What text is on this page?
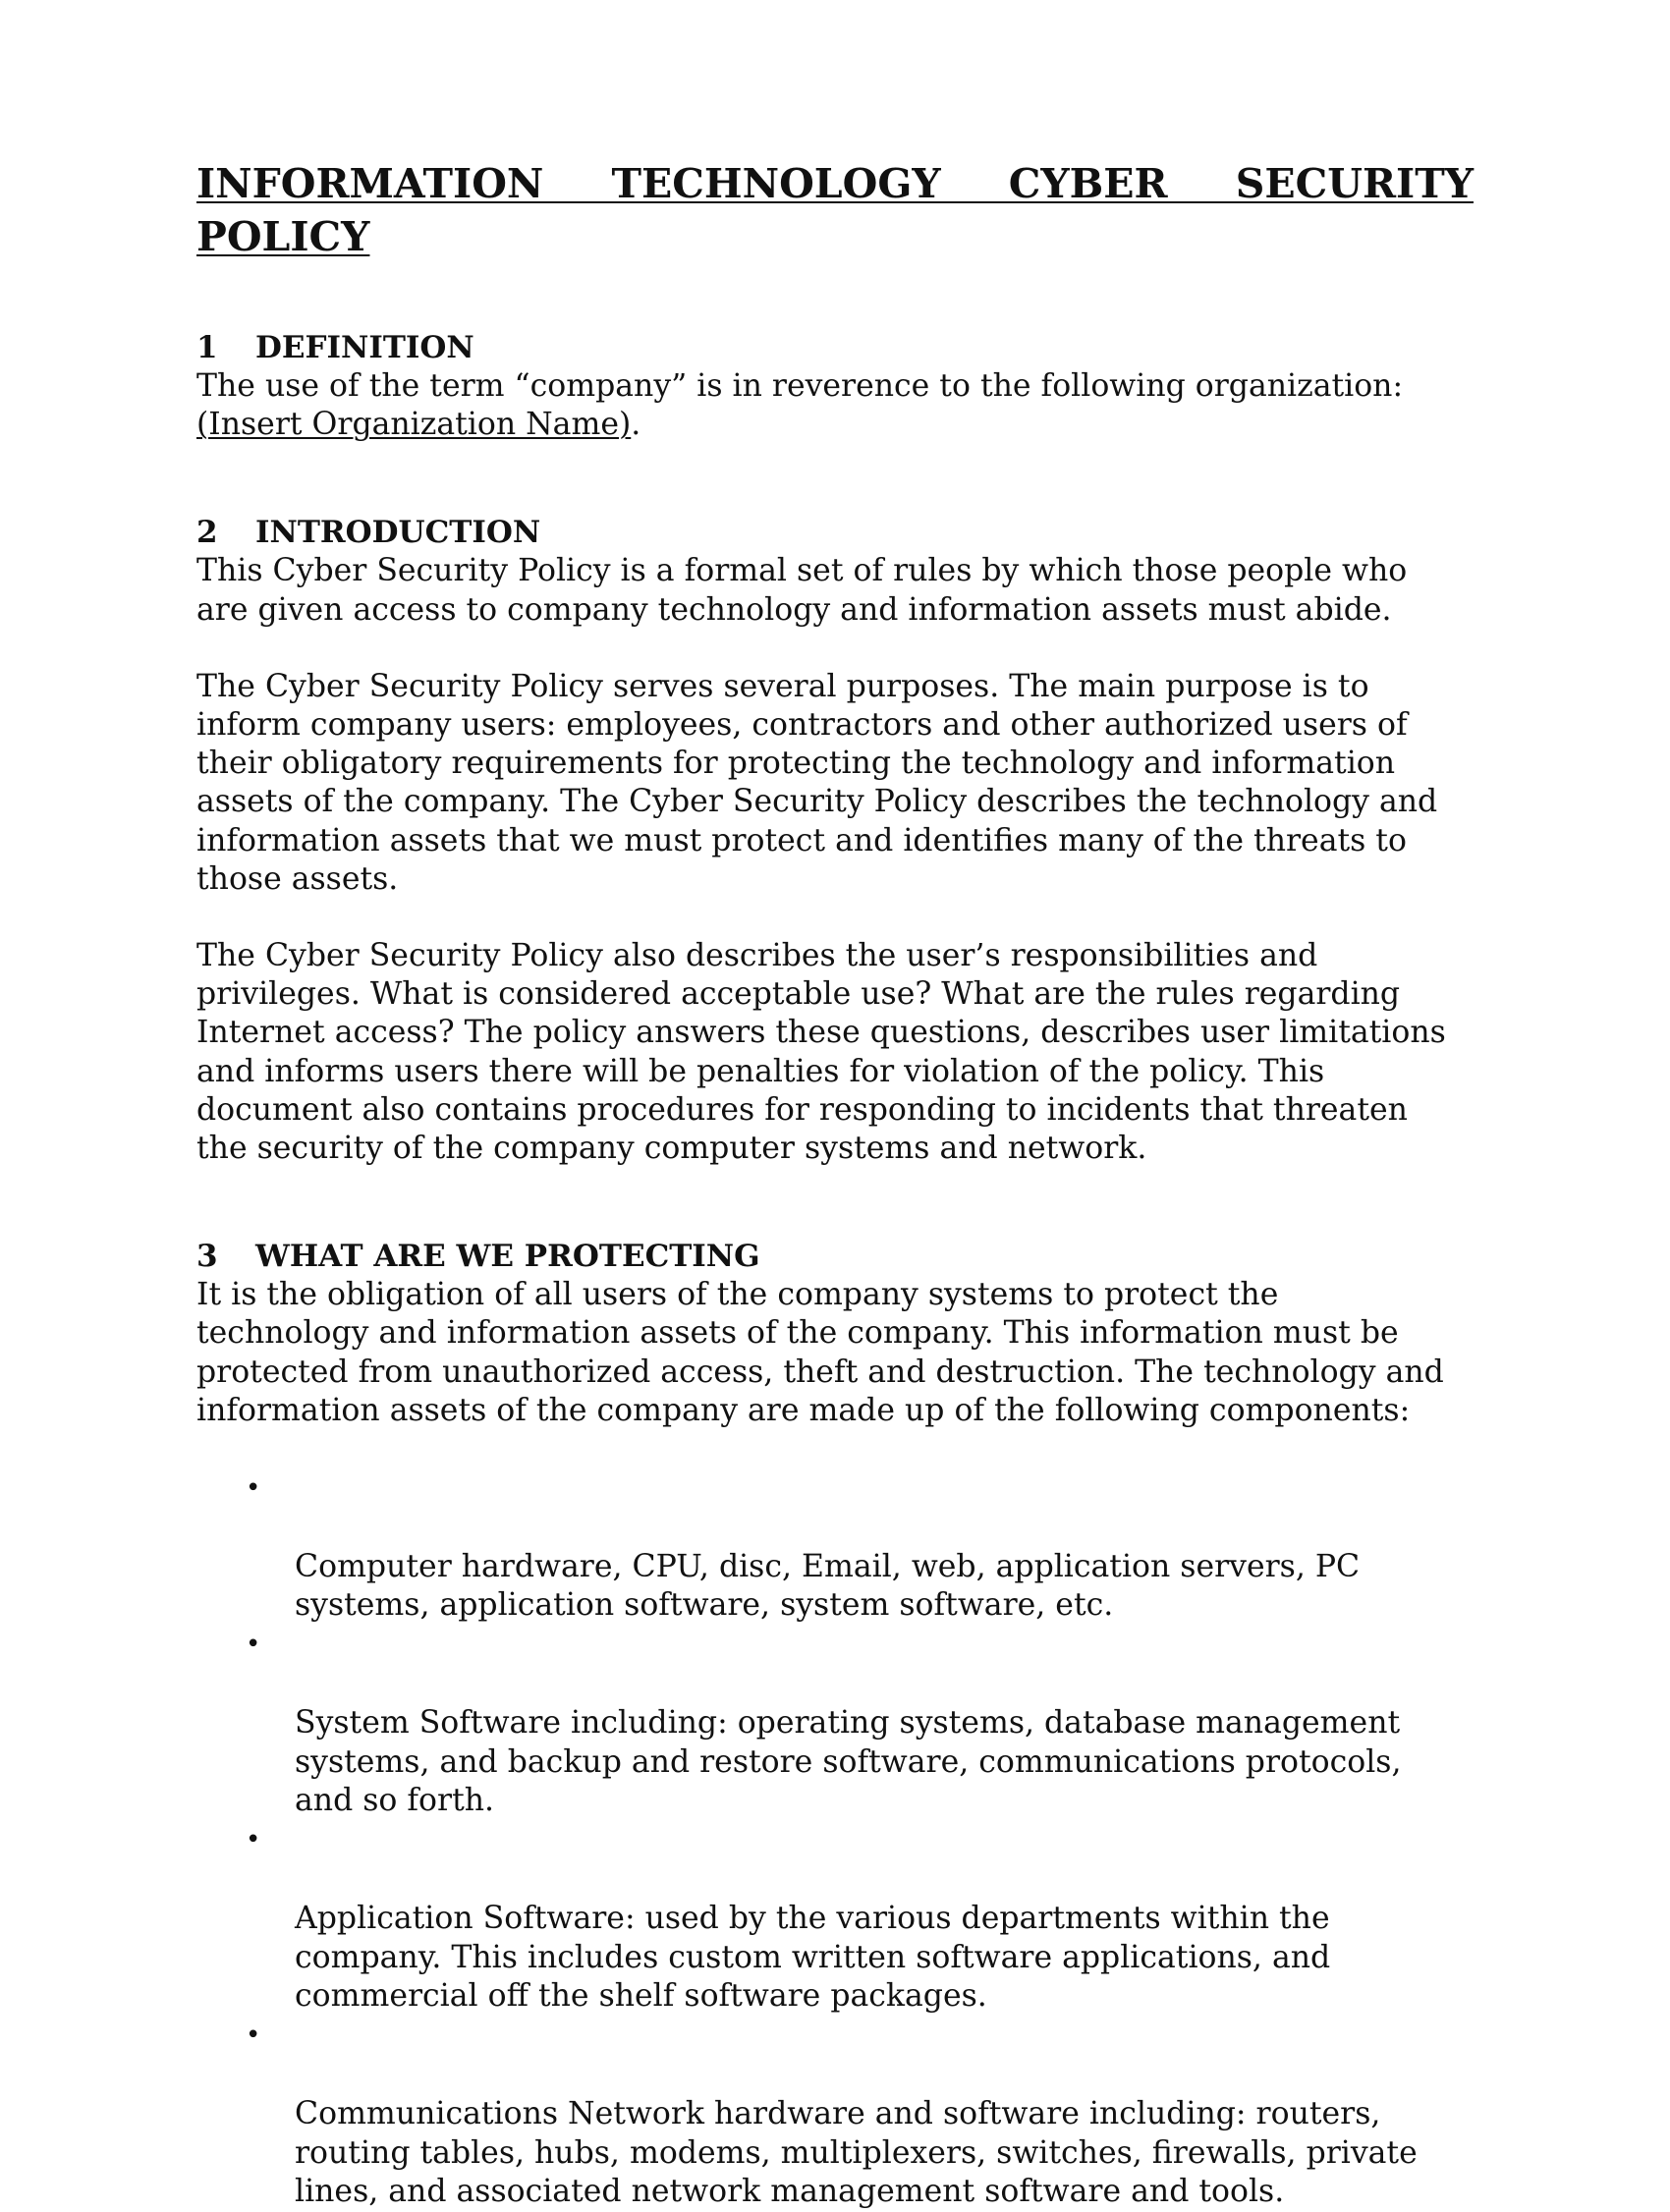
INFORMATION TECHNOLOGY CYBER SECURITY POLICY
1	DEFINITION

The use of the term “company” is in reverence to the following organization:
(Insert Organization Name).

2	INTRODUCTION

This Cyber Security Policy is a formal set of rules by which those people who
are given access to company technology and information assets must abide.

The Cyber Security Policy serves several purposes. The main purpose is to
inform company users: employees, contractors and other authorized users of
their obligatory requirements for protecting the technology and information
assets of the company. The Cyber Security Policy describes the technology and
information assets that we must protect and identifies many of the threats to
those assets.

The Cyber Security Policy also describes the user’s responsibilities and
privileges. What is considered acceptable use? What are the rules regarding
Internet access? The policy answers these questions, describes user limitations
and informs users there will be penalties for violation of the policy. This
document also contains procedures for responding to incidents that threaten
the security of the company computer systems and network.

3	WHAT ARE WE PROTECTING

It is the obligation of all users of the company systems to protect the
technology and information assets of the company. This information must be
protected from unauthorized access, theft and destruction. The technology and
information assets of the company are made up of the following components:

•

Computer hardware, CPU, disc, Email, web, application servers, PC
systems, application software, system software, etc.

•

System Software including: operating systems, database management
systems, and backup and restore software, communications protocols,
and so forth.

•

Application Software: used by the various departments within the
company. This includes custom written software applications, and
commercial off the shelf software packages.

•

Communications Network hardware and software including: routers,
routing tables, hubs, modems, multiplexers, switches, firewalls, private
lines, and associated network management software and tools.
